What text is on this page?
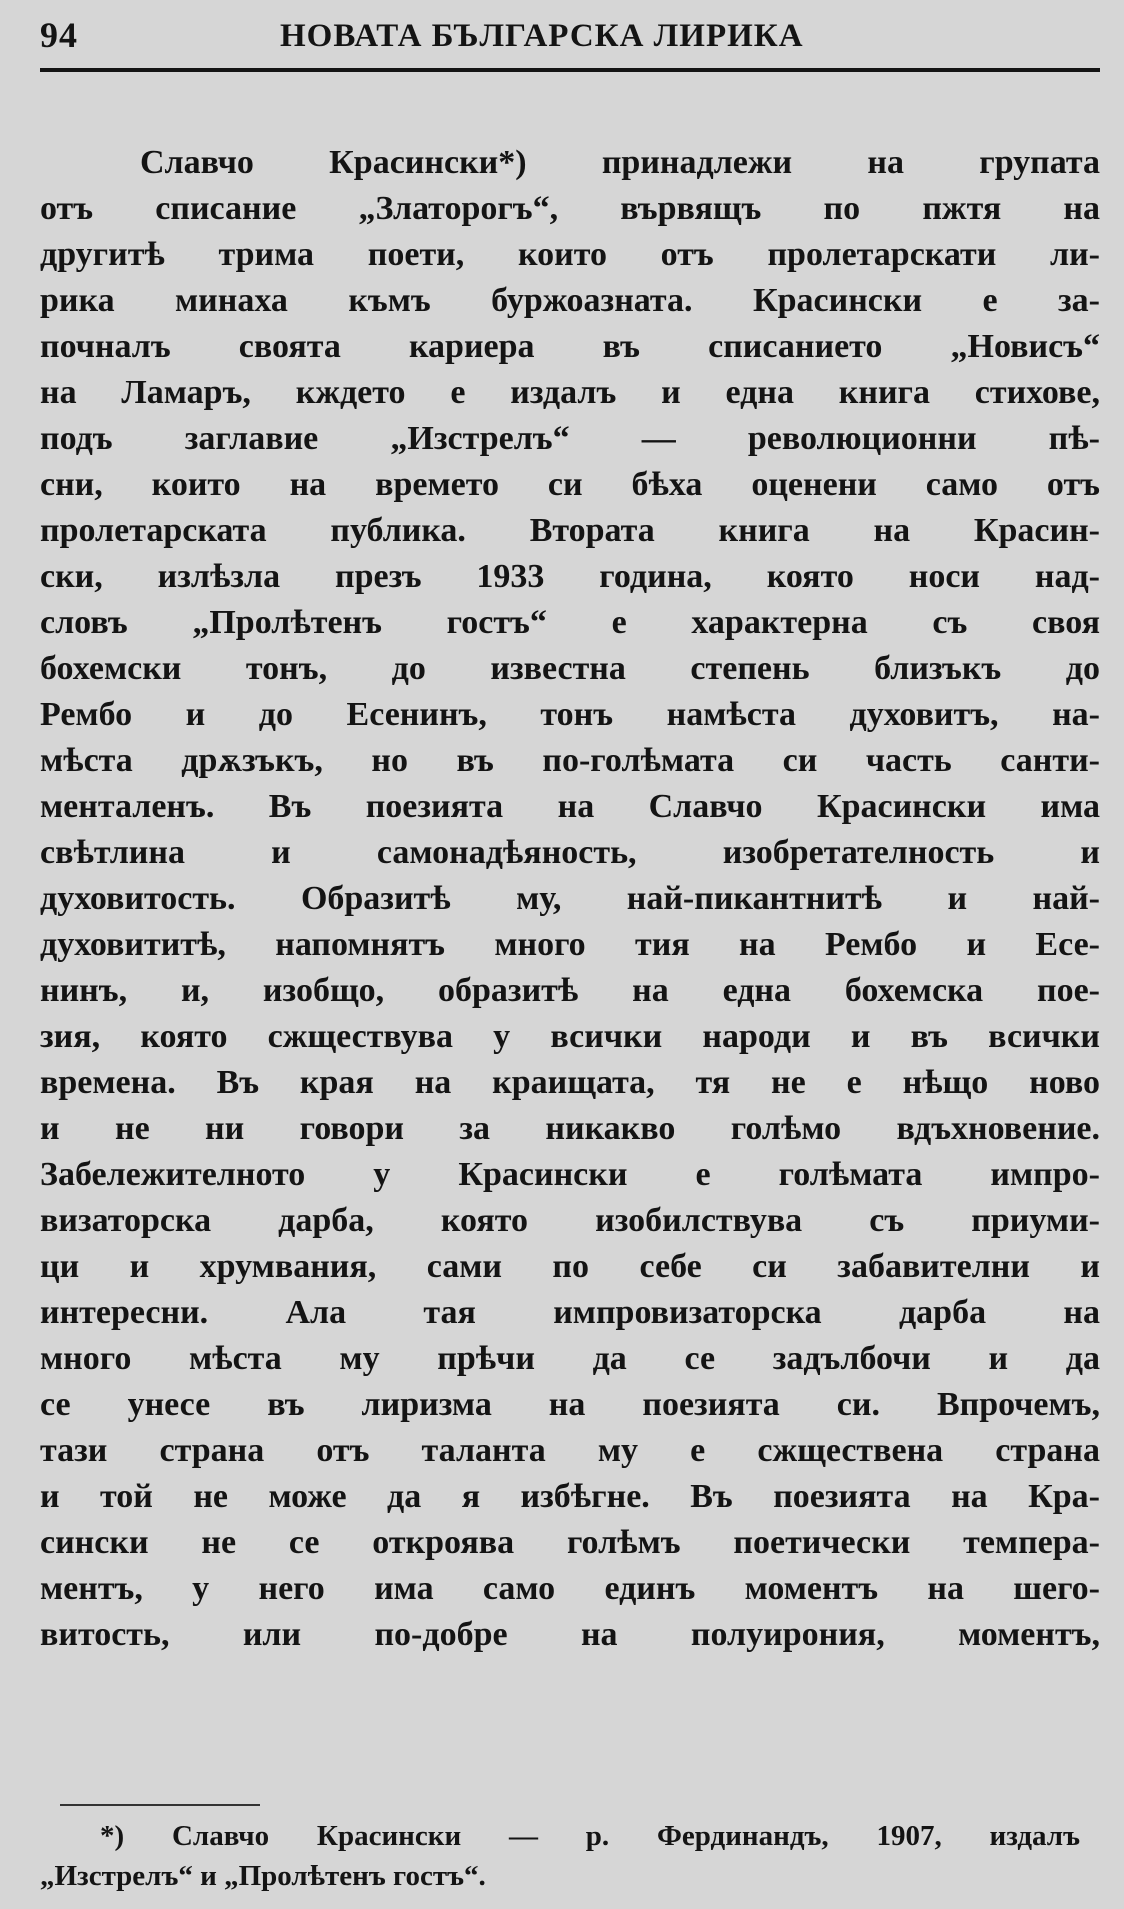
94	НОВАТА БЪЛГАРСКА ЛИРИКА
Славчо Красински*) принадлежи на групата
отъ списание „Златорогъ“, вървящъ по пжтя на
другитѣ трима поети, които отъ пролетарскати ли-
рика минаха къмъ буржоазната. Красински е за-
почналъ своята кариера въ списанието „Новисъ“
на Ламаръ, кждето е издалъ и една книга стихове,
подъ заглавие „Изстрелъ“ — революционни пѣ-
сни, които на времето си бѣха оценени само отъ
пролетарската публика. Втората книга на Красин-
ски, излѣзла презъ 1933 година, която носи над-
словъ „Пролѣтенъ гостъ“ е характерна съ своя
бохемски тонъ, до известна степень близъкъ до
Рембо и до Есенинъ, тонъ намѣста духовитъ, на-
мѣста дрѫзъкъ, но въ по-голѣмата си часть санти-
менталенъ. Въ поезията на Славчо Красински има
свѣтлина и самонадѣяность, изобретателность и
духовитость. Образитѣ му, най-пикантнитѣ и най-
духовититѣ, напомнятъ много тия на Рембо и Есе-
нинъ, и, изобщо, образитѣ на една бохемска пое-
зия, която сжществува у всички народи и въ всички
времена. Въ края на краищата, тя не е нѣщо ново
и не ни говори за никакво голѣмо вдъхновение.
Забележителното у Красински е голѣмата импро-
визаторска дарба, която изобилствува съ приуми-
ци и хрумвания, сами по себе си забавителни и
интересни. Ала тая импровизаторска дарба на
много мѣста му прѣчи да се задълбочи и да
се унесе въ лиризма на поезията си. Впрочемъ,
тази страна отъ таланта му е сжществена страна
и той не може да я избѣгне. Въ поезията на Кра-
сински не се откроява голѣмъ поетически темпера-
ментъ, у него има само единъ моментъ на шего-
витость, или по-добре на полуирония, моментъ,
*) Славчо Красински — р. Фердинандъ, 1907, издалъ
„Изстрелъ“ и „Пролѣтенъ гостъ“.
